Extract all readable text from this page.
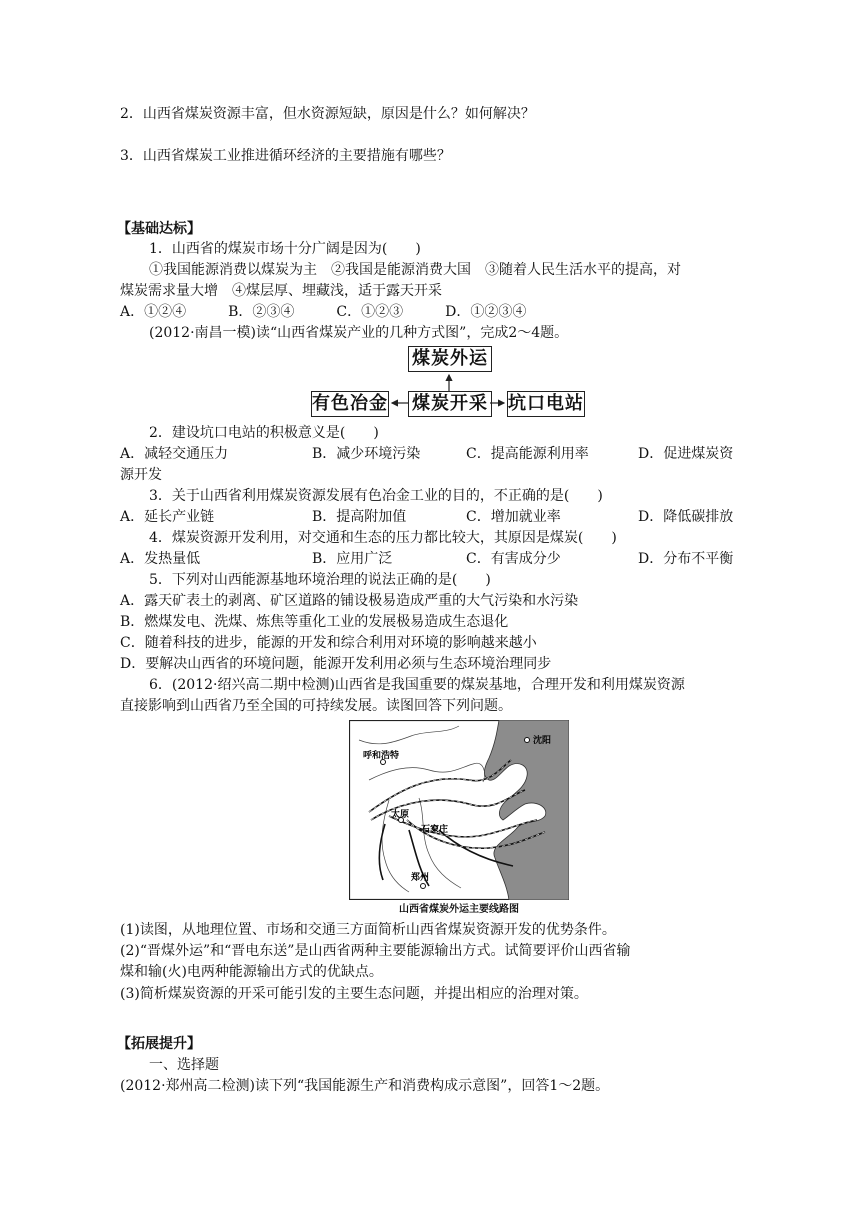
2．山西省煤炭资源丰富，但水资源短缺，原因是什么？如何解决？
3．山西省煤炭工业推进循环经济的主要措施有哪些？
【基础达标】
1．山西省的煤炭市场十分广阔是因为(　　)
①我国能源消费以煤炭为主　②我国是能源消费大国　③随着人民生活水平的提高，对
煤炭需求量大增　④煤层厚、埋藏浅，适于露天开采
A．①②④　　　B．②③④　　　C．①②③　　　D．①②③④
(2012·南昌一模)读“山西省煤炭产业的几种方式图”，完成2～4题。
煤炭外运
煤炭开采
有色冶金	坑口电站
2．建设坑口电站的积极意义是(　　)
A．减轻交通压力	B．减少环境污染	C．提高能源利用率	D．促进煤炭资
源开发
3．关于山西省利用煤炭资源发展有色冶金工业的目的，不正确的是(　　)
A．延长产业链	B．提高附加值	C．增加就业率	D．降低碳排放
4．煤炭资源开发利用，对交通和生态的压力都比较大，其原因是煤炭(　　)
A．发热量低	B．应用广泛	C．有害成分少	D．分布不平衡
5．下列对山西能源基地环境治理的说法正确的是(　　)
A．露天矿表土的剥离、矿区道路的铺设极易造成严重的大气污染和水污染
B．燃煤发电、洗煤、炼焦等重化工业的发展极易造成生态退化
C．随着科技的进步，能源的开发和综合利用对环境的影响越来越小
D．要解决山西省的环境问题，能源开发利用必须与生态环境治理同步
6．(2012·绍兴高二期中检测)山西省是我国重要的煤炭基地，合理开发和利用煤炭资源
直接影响到山西省乃至全国的可持续发展。读图回答下列问题。
沈阳
呼和浩特
太原
石家庄
郑州
山西省煤炭外运主要线路图
(1)读图，从地理位置、市场和交通三方面简析山西省煤炭资源开发的优势条件。
(2)“晋煤外运”和“晋电东送”是山西省两种主要能源输出方式。试简要评价山西省输
煤和输(火)电两种能源输出方式的优缺点。
(3)简析煤炭资源的开采可能引发的主要生态问题，并提出相应的治理对策。
【拓展提升】
一、选择题
(2012·郑州高二检测)读下列“我国能源生产和消费构成示意图”，回答1～2题。
